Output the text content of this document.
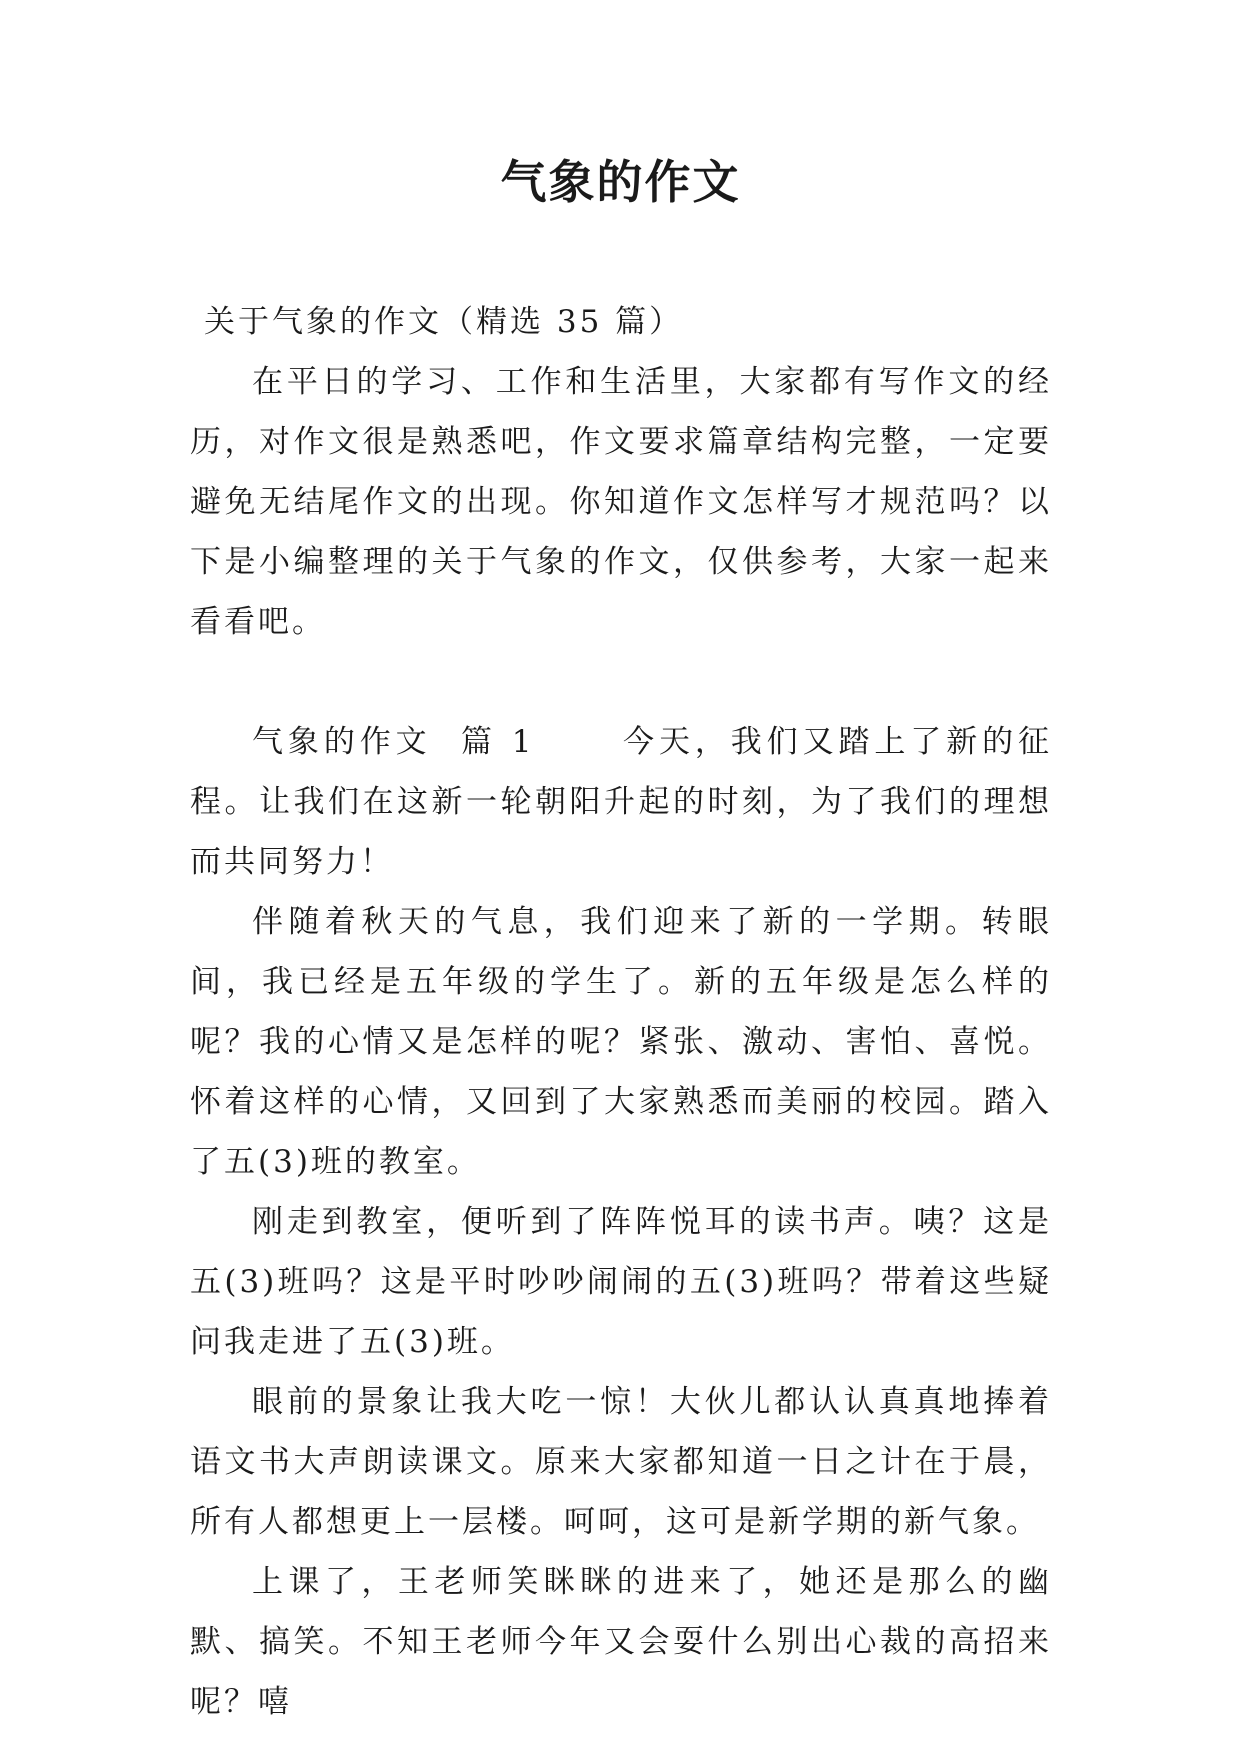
气象的作文

关于气象的作文（精选 35 篇）

在平日的学习、工作和生活里，大家都有写作文的经历，对作文很是熟悉吧，作文要求篇章结构完整，一定要避免无结尾作文的出现。你知道作文怎样写才规范吗？以下是小编整理的关于气象的作文，仅供参考，大家一起来看看吧。

气象的作文  篇 1	今天，我们又踏上了新的征程。让我们在这新一轮朝阳升起的时刻，为了我们的理想而共同努力！

伴随着秋天的气息，我们迎来了新的一学期。转眼间，我已经是五年级的学生了。新的五年级是怎么样的呢？我的心情又是怎样的呢？紧张、激动、害怕、喜悦。怀着这样的心情，又回到了大家熟悉而美丽的校园。踏入了五(3)班的教室。

刚走到教室，便听到了阵阵悦耳的读书声。咦？这是五(3)班吗？这是平时吵吵闹闹的五(3)班吗？带着这些疑问我走进了五(3)班。

眼前的景象让我大吃一惊！大伙儿都认认真真地捧着语文书大声朗读课文。原来大家都知道一日之计在于晨，所有人都想更上一层楼。呵呵，这可是新学期的新气象。

上课了，王老师笑眯眯的进来了，她还是那么的幽默、搞笑。不知王老师今年又会耍什么别出心裁的高招来呢？嘻
